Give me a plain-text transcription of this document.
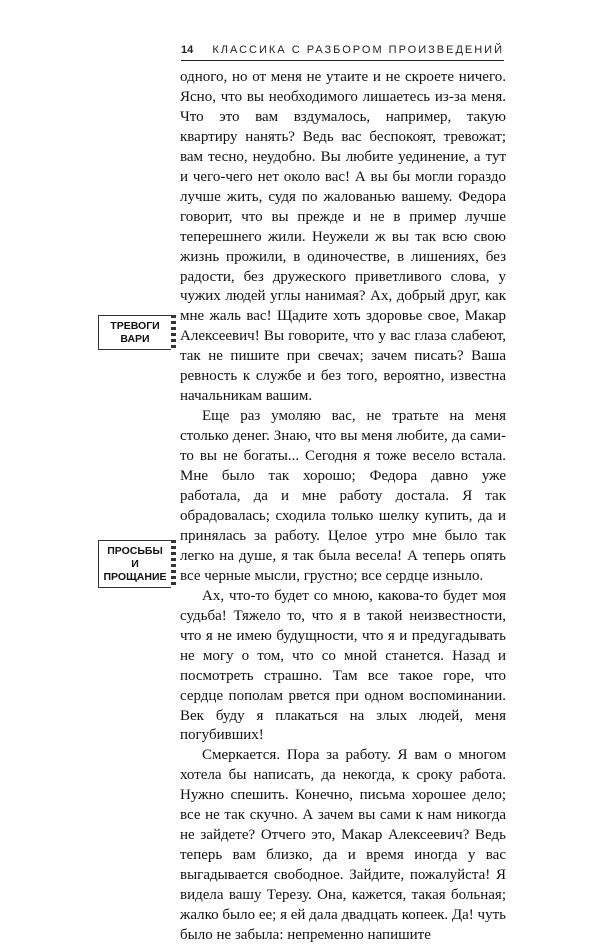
14 КЛАССИКА С РАЗБОРОМ ПРОИЗВЕДЕНИЙ
ТРЕВОГИ
ВАРИ
ПРОСЬБЫ
И ПРОЩАНИЕ

одного, но от меня не утаите и не скроете ничего. Ясно, что вы необходимого лишаетесь из-за меня. Что это вам вздумалось, например, такую квартиру нанять? Ведь вас беспокоят, тревожат; вам тесно, неудобно. Вы любите уединение, а тут и чего-чего нет около вас! А вы бы могли гораздо лучше жить, судя по жалованью вашему. Федора говорит, что вы прежде и не в пример лучше теперешнего жили. Неужели ж вы так всю свою жизнь прожили, в одиночестве, в лишениях, без радости, без дружеского приветливого слова, у чужих людей углы нанимая? Ах, добрый друг, как мне жаль вас! Щадите хоть здоровье свое, Макар Алексеевич! Вы говорите, что у вас глаза слабеют, так не пишите при свечах; зачем писать? Ваша ревность к службе и без того, вероятно, известна начальникам вашим.

Еще раз умоляю вас, не тратьте на меня столько денег. Знаю, что вы меня любите, да сами-то вы не богаты... Сегодня я тоже весело встала. Мне было так хорошо; Федора давно уже работала, да и мне работу достала. Я так обрадовалась; сходила только шелку купить, да и принялась за работу. Целое утро мне было так легко на душе, я так была весела! А теперь опять все черные мысли, грустно; все сердце изныло.

Ах, что-то будет со мною, какова-то будет моя судьба! Тяжело то, что я в такой неизвестности, что я не имею будущности, что я и предугадывать не могу о том, что со мной станется. Назад и посмотреть страшно. Там все такое горе, что сердце пополам рвется при одном воспоминании. Век буду я плакаться на злых людей, меня погубивших!

Смеркается. Пора за работу. Я вам о многом хотела бы написать, да некогда, к сроку работа. Нужно спешить. Конечно, письма хорошее дело; все не так скучно. А зачем вы сами к нам никогда не зайдете? Отчего это, Макар Алексеевич? Ведь теперь вам близко, да и время иногда у вас выгадывается свободное. Зайдите, пожалуйста! Я видела вашу Терезу. Она, кажется, такая больная; жалко было ее; я ей дала двадцать копеек. Да! чуть было не забыла: непременно напишите
